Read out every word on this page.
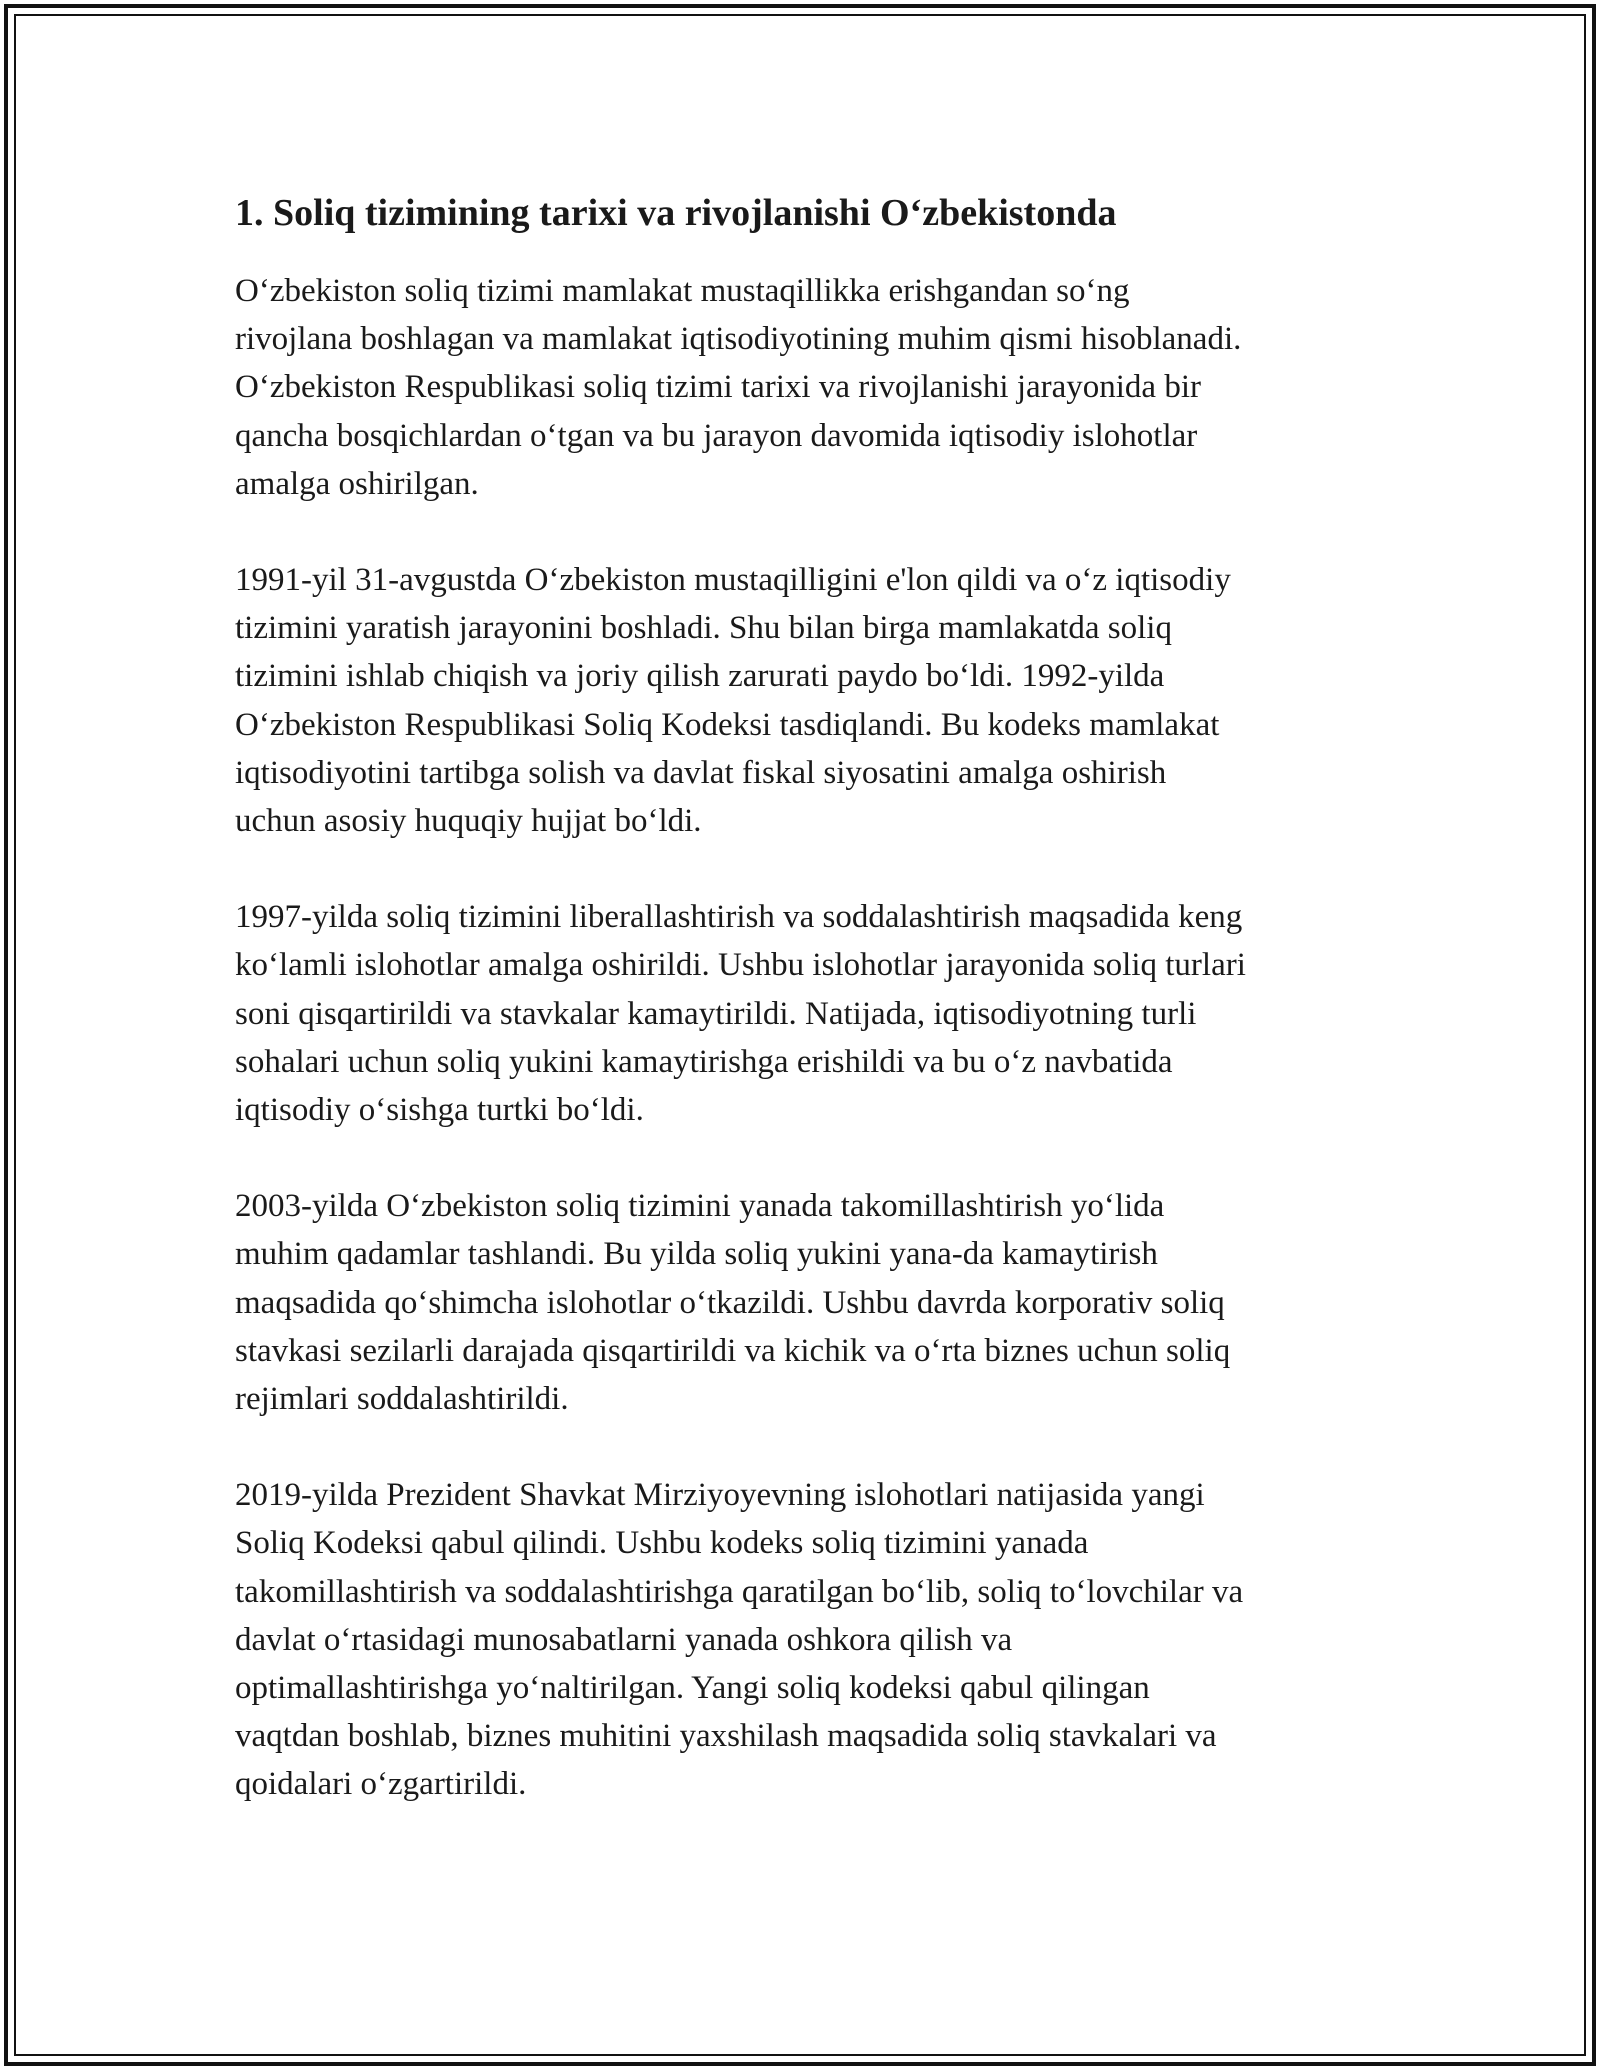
1. Soliq tizimining tarixi va rivojlanishi O‘zbekistonda

O‘zbekiston soliq tizimi mamlakat mustaqillikka erishgandan so‘ng
rivojlana boshlagan va mamlakat iqtisodiyotining muhim qismi hisoblanadi.
O‘zbekiston Respublikasi soliq tizimi tarixi va rivojlanishi jarayonida bir
qancha bosqichlardan o‘tgan va bu jarayon davomida iqtisodiy islohotlar
amalga oshirilgan.

1991-yil 31-avgustda O‘zbekiston mustaqilligini e'lon qildi va o‘z iqtisodiy
tizimini yaratish jarayonini boshladi. Shu bilan birga mamlakatda soliq
tizimini ishlab chiqish va joriy qilish zarurati paydo bo‘ldi. 1992-yilda
O‘zbekiston Respublikasi Soliq Kodeksi tasdiqlandi. Bu kodeks mamlakat
iqtisodiyotini tartibga solish va davlat fiskal siyosatini amalga oshirish
uchun asosiy huquqiy hujjat bo‘ldi.

1997-yilda soliq tizimini liberallashtirish va soddalashtirish maqsadida keng
ko‘lamli islohotlar amalga oshirildi. Ushbu islohotlar jarayonida soliq turlari
soni qisqartirildi va stavkalar kamaytirildi. Natijada, iqtisodiyotning turli
sohalari uchun soliq yukini kamaytirishga erishildi va bu o‘z navbatida
iqtisodiy o‘sishga turtki bo‘ldi.

2003-yilda O‘zbekiston soliq tizimini yanada takomillashtirish yo‘lida
muhim qadamlar tashlandi. Bu yilda soliq yukini yana-da kamaytirish
maqsadida qo‘shimcha islohotlar o‘tkazildi. Ushbu davrda korporativ soliq
stavkasi sezilarli darajada qisqartirildi va kichik va o‘rta biznes uchun soliq
rejimlari soddalashtirildi.

2019-yilda Prezident Shavkat Mirziyoyevning islohotlari natijasida yangi
Soliq Kodeksi qabul qilindi. Ushbu kodeks soliq tizimini yanada
takomillashtirish va soddalashtirishga qaratilgan bo‘lib, soliq to‘lovchilar va
davlat o‘rtasidagi munosabatlarni yanada oshkora qilish va
optimallashtirishga yo‘naltirilgan. Yangi soliq kodeksi qabul qilingan
vaqtdan boshlab, biznes muhitini yaxshilash maqsadida soliq stavkalari va
qoidalari o‘zgartirildi.
